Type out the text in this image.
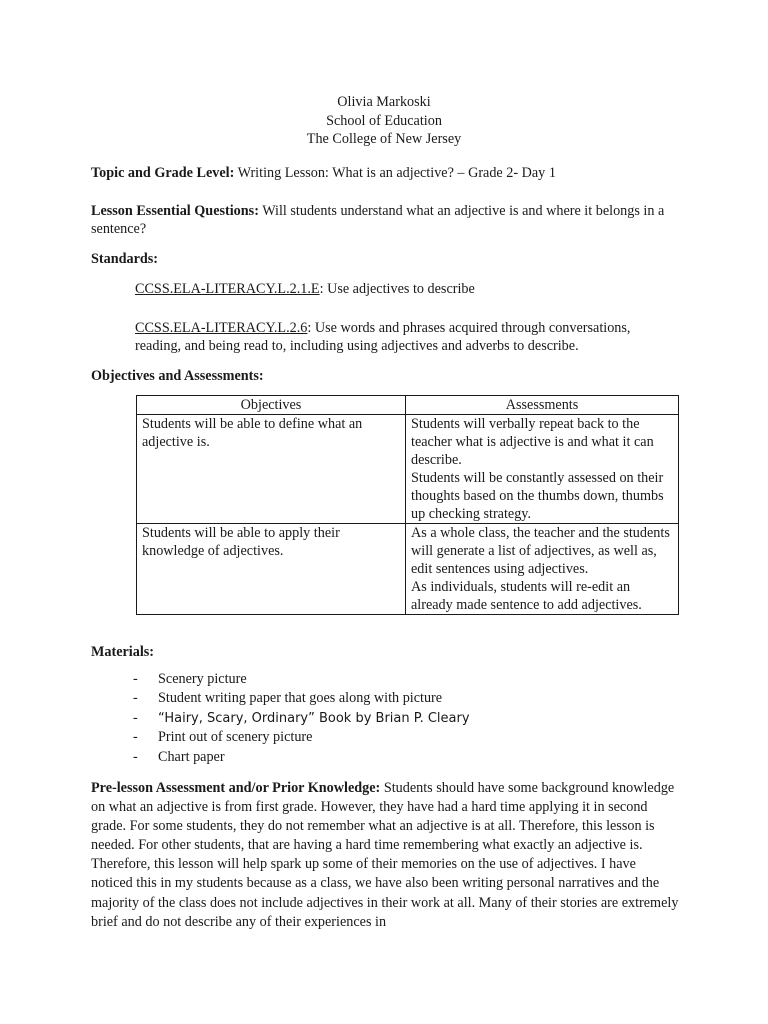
Olivia Markoski
School of Education
The College of New Jersey
Topic and Grade Level: Writing Lesson: What is an adjective? – Grade 2- Day 1
Lesson Essential Questions: Will students understand what an adjective is and where it belongs in a sentence?
Standards:
CCSS.ELA-LITERACY.L.2.1.E: Use adjectives to describe
CCSS.ELA-LITERACY.L.2.6: Use words and phrases acquired through conversations, reading, and being read to, including using adjectives and adverbs to describe.
Objectives and Assessments:
Objectives	Assessments
Students will be able to define what an adjective is.	Students will verbally repeat back to the teacher what is adjective is and what it can describe.
Students will be constantly assessed on their thoughts based on the thumbs down, thumbs up checking strategy.

Students will be able to apply their knowledge of adjectives.	As a whole class, the teacher and the students will generate a list of adjectives, as well as, edit sentences using adjectives.
As individuals, students will re-edit an already made sentence to add adjectives.
Materials:
- Scenery picture
- Student writing paper that goes along with picture
- “Hairy, Scary, Ordinary” Book by Brian P. Cleary
- Print out of scenery picture
- Chart paper
Pre-lesson Assessment and/or Prior Knowledge: Students should have some background knowledge on what an adjective is from first grade. However, they have had a hard time applying it in second grade. For some students, they do not remember what an adjective is at all. Therefore, this lesson is needed. For other students, that are having a hard time remembering what exactly an adjective is. Therefore, this lesson will help spark up some of their memories on the use of adjectives. I have noticed this in my students because as a class, we have also been writing personal narratives and the majority of the class does not include adjectives in their work at all. Many of their stories are extremely brief and do not describe any of their experiences in
